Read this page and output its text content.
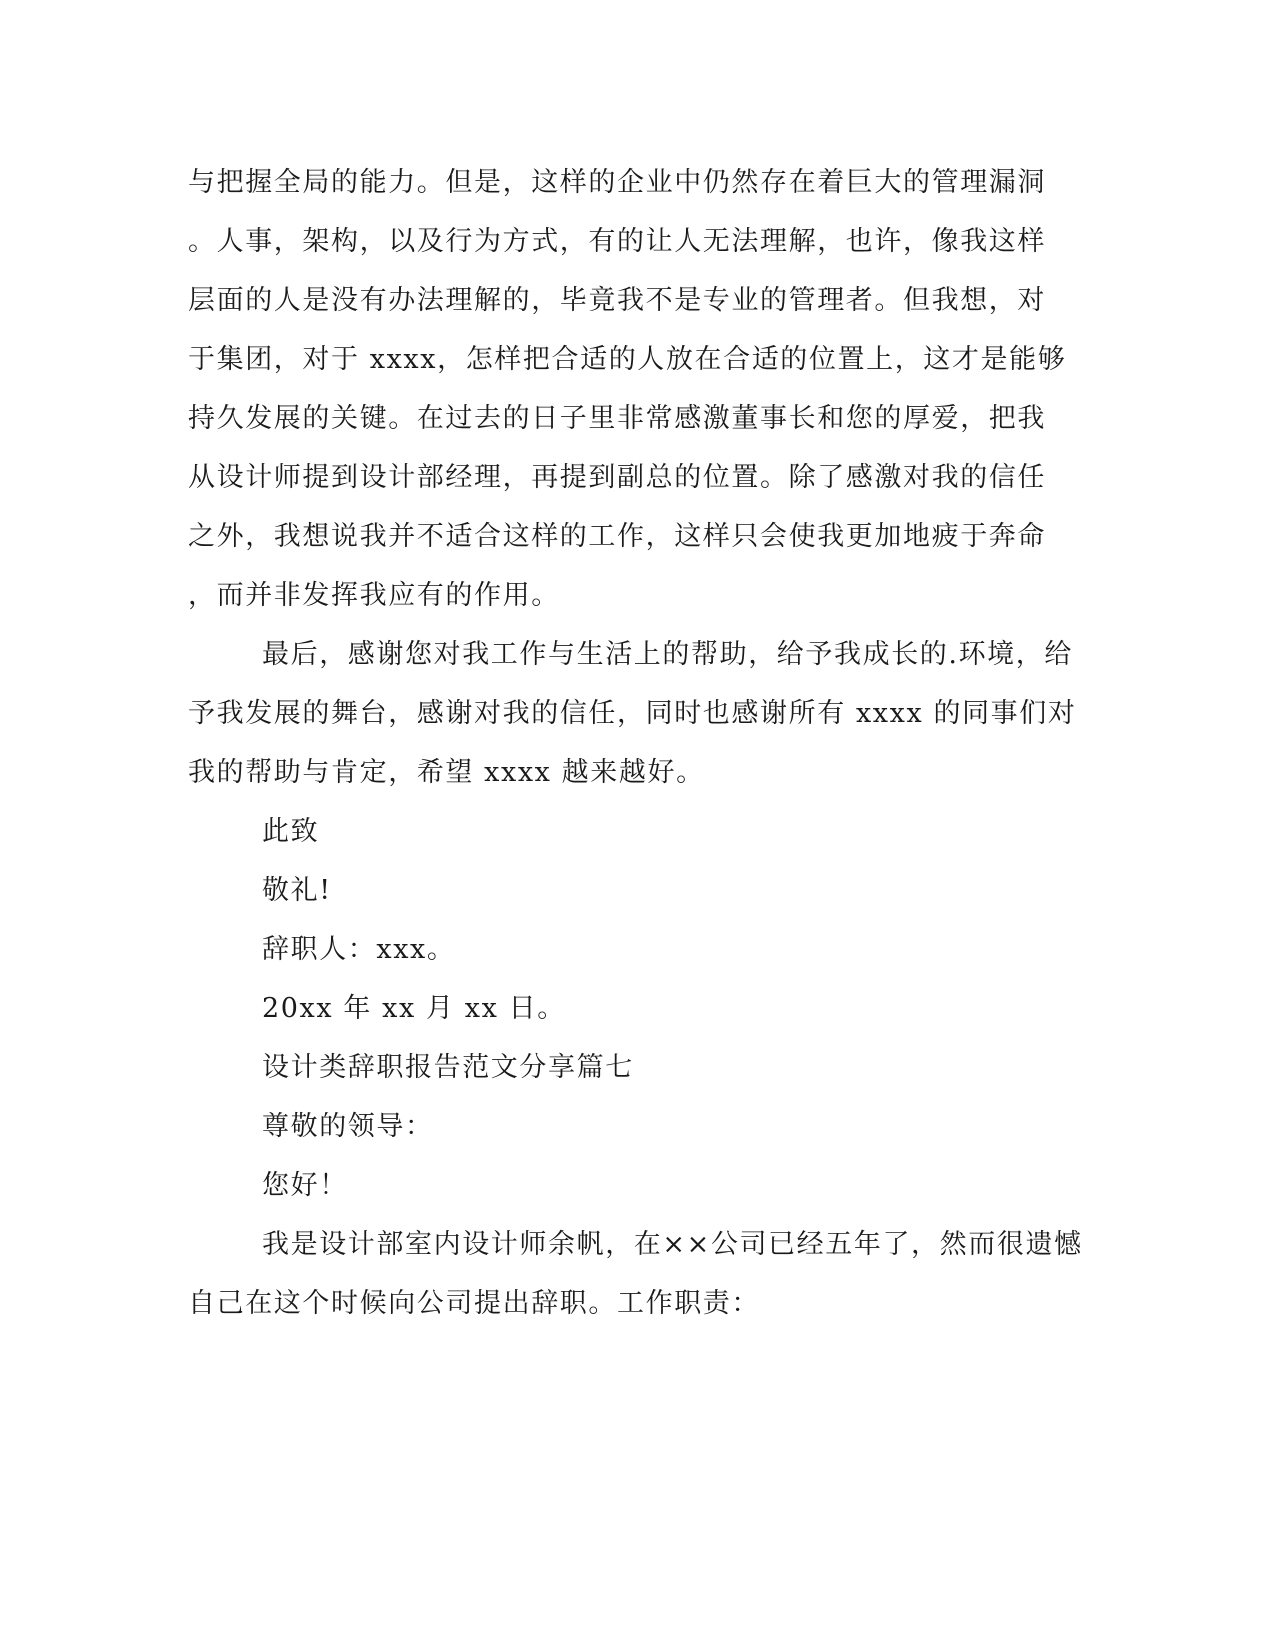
与把握全局的能力。但是，这样的企业中仍然存在着巨大的管理漏洞
。人事，架构，以及行为方式，有的让人无法理解，也许，像我这样
层面的人是没有办法理解的，毕竟我不是专业的管理者。但我想，对
于集团，对于 xxxx，怎样把合适的人放在合适的位置上，这才是能够
持久发展的关键。在过去的日子里非常感激董事长和您的厚爱，把我
从设计师提到设计部经理，再提到副总的位置。除了感激对我的信任
之外，我想说我并不适合这样的工作，这样只会使我更加地疲于奔命
，而并非发挥我应有的作用。
最后，感谢您对我工作与生活上的帮助，给予我成长的.环境，给
予我发展的舞台，感谢对我的信任，同时也感谢所有 xxxx 的同事们对
我的帮助与肯定，希望 xxxx 越来越好。
此致
敬礼!
辞职人：xxx。
20xx 年 xx 月 xx 日。
设计类辞职报告范文分享篇七
尊敬的领导：
您好！
我是设计部室内设计师余帆，在××公司已经五年了，然而很遗憾
自己在这个时候向公司提出辞职。工作职责：
